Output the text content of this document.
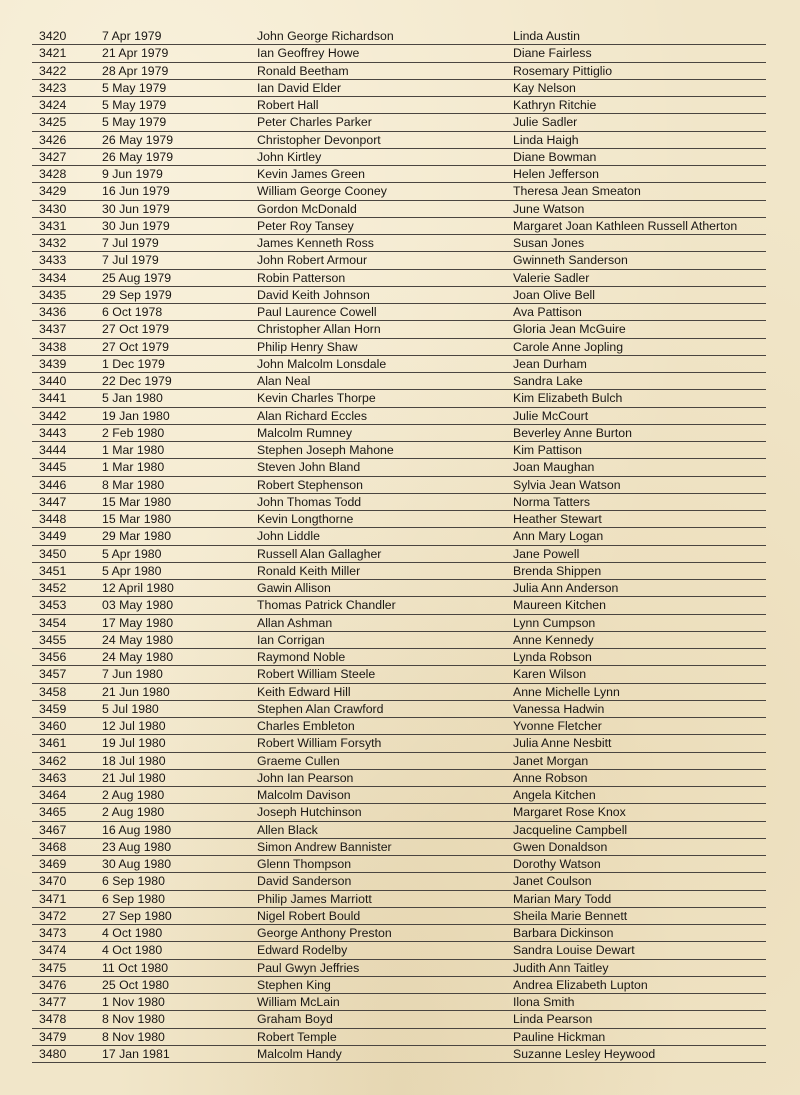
3420	7 Apr 1979	John George Richardson	Linda Austin
3421	21 Apr 1979	Ian Geoffrey Howe	Diane Fairless
3422	28 Apr 1979	Ronald Beetham	Rosemary Pittiglio
3423	5 May 1979	Ian David Elder	Kay Nelson
3424	5 May 1979	Robert Hall	Kathryn Ritchie
3425	5 May 1979	Peter Charles Parker	Julie Sadler
3426	26 May 1979	Christopher Devonport	Linda Haigh
3427	26 May 1979	John Kirtley	Diane Bowman
3428	9 Jun 1979	Kevin James Green	Helen Jefferson
3429	16 Jun 1979	William George Cooney	Theresa Jean Smeaton
3430	30 Jun 1979	Gordon McDonald	June Watson
3431	30 Jun 1979	Peter Roy Tansey	Margaret Joan Kathleen Russell Atherton
3432	7 Jul 1979	James Kenneth Ross	Susan Jones
3433	7 Jul 1979	John Robert Armour	Gwinneth Sanderson
3434	25 Aug 1979	Robin Patterson	Valerie Sadler
3435	29 Sep 1979	David Keith Johnson	Joan Olive Bell
3436	6 Oct 1978	Paul Laurence Cowell	Ava Pattison
3437	27 Oct 1979	Christopher Allan Horn	Gloria Jean McGuire
3438	27 Oct 1979	Philip Henry Shaw	Carole Anne Jopling
3439	1 Dec 1979	John Malcolm Lonsdale	Jean Durham
3440	22 Dec 1979	Alan Neal	Sandra Lake
3441	5 Jan 1980	Kevin Charles Thorpe	Kim Elizabeth Bulch
3442	19 Jan 1980	Alan Richard Eccles	Julie McCourt
3443	2 Feb 1980	Malcolm Rumney	Beverley Anne Burton
3444	1 Mar 1980	Stephen Joseph Mahone	Kim Pattison
3445	1 Mar 1980	Steven John Bland	Joan Maughan
3446	8 Mar 1980	Robert Stephenson	Sylvia Jean Watson
3447	15 Mar 1980	John Thomas Todd	Norma Tatters
3448	15 Mar 1980	Kevin Longthorne	Heather Stewart
3449	29 Mar 1980	John Liddle	Ann Mary Logan
3450	5 Apr 1980	Russell Alan Gallagher	Jane Powell
3451	5 Apr 1980	Ronald Keith Miller	Brenda Shippen
3452	12 April 1980	Gawin Allison	Julia Ann Anderson
3453	03 May 1980	Thomas Patrick Chandler	Maureen Kitchen
3454	17 May 1980	Allan Ashman	Lynn Cumpson
3455	24 May 1980	Ian Corrigan	Anne Kennedy
3456	24 May 1980	Raymond Noble	Lynda Robson
3457	7 Jun 1980	Robert William Steele	Karen Wilson
3458	21 Jun 1980	Keith Edward Hill	Anne Michelle Lynn
3459	5 Jul 1980	Stephen Alan Crawford	Vanessa Hadwin
3460	12 Jul 1980	Charles Embleton	Yvonne Fletcher
3461	19 Jul 1980	Robert William Forsyth	Julia Anne Nesbitt
3462	18 Jul 1980	Graeme Cullen	Janet Morgan
3463	21 Jul 1980	John Ian Pearson	Anne Robson
3464	2 Aug 1980	Malcolm Davison	Angela Kitchen
3465	2 Aug 1980	Joseph Hutchinson	Margaret Rose Knox
3467	16 Aug 1980	Allen Black	Jacqueline Campbell
3468	23 Aug 1980	Simon Andrew Bannister	Gwen Donaldson
3469	30 Aug 1980	Glenn Thompson	Dorothy Watson
3470	6 Sep 1980	David Sanderson	Janet Coulson
3471	6 Sep 1980	Philip James Marriott	Marian Mary Todd
3472	27 Sep 1980	Nigel Robert Bould	Sheila Marie Bennett
3473	4 Oct 1980	George Anthony Preston	Barbara Dickinson
3474	4 Oct 1980	Edward Rodelby	Sandra Louise Dewart
3475	11 Oct 1980	Paul Gwyn Jeffries	Judith Ann Taitley
3476	25 Oct 1980	Stephen King	Andrea Elizabeth Lupton
3477	1 Nov 1980	William McLain	Ilona Smith
3478	8 Nov 1980	Graham Boyd	Linda Pearson
3479	8 Nov 1980	Robert Temple	Pauline Hickman
3480	17 Jan 1981	Malcolm Handy	Suzanne Lesley Heywood
